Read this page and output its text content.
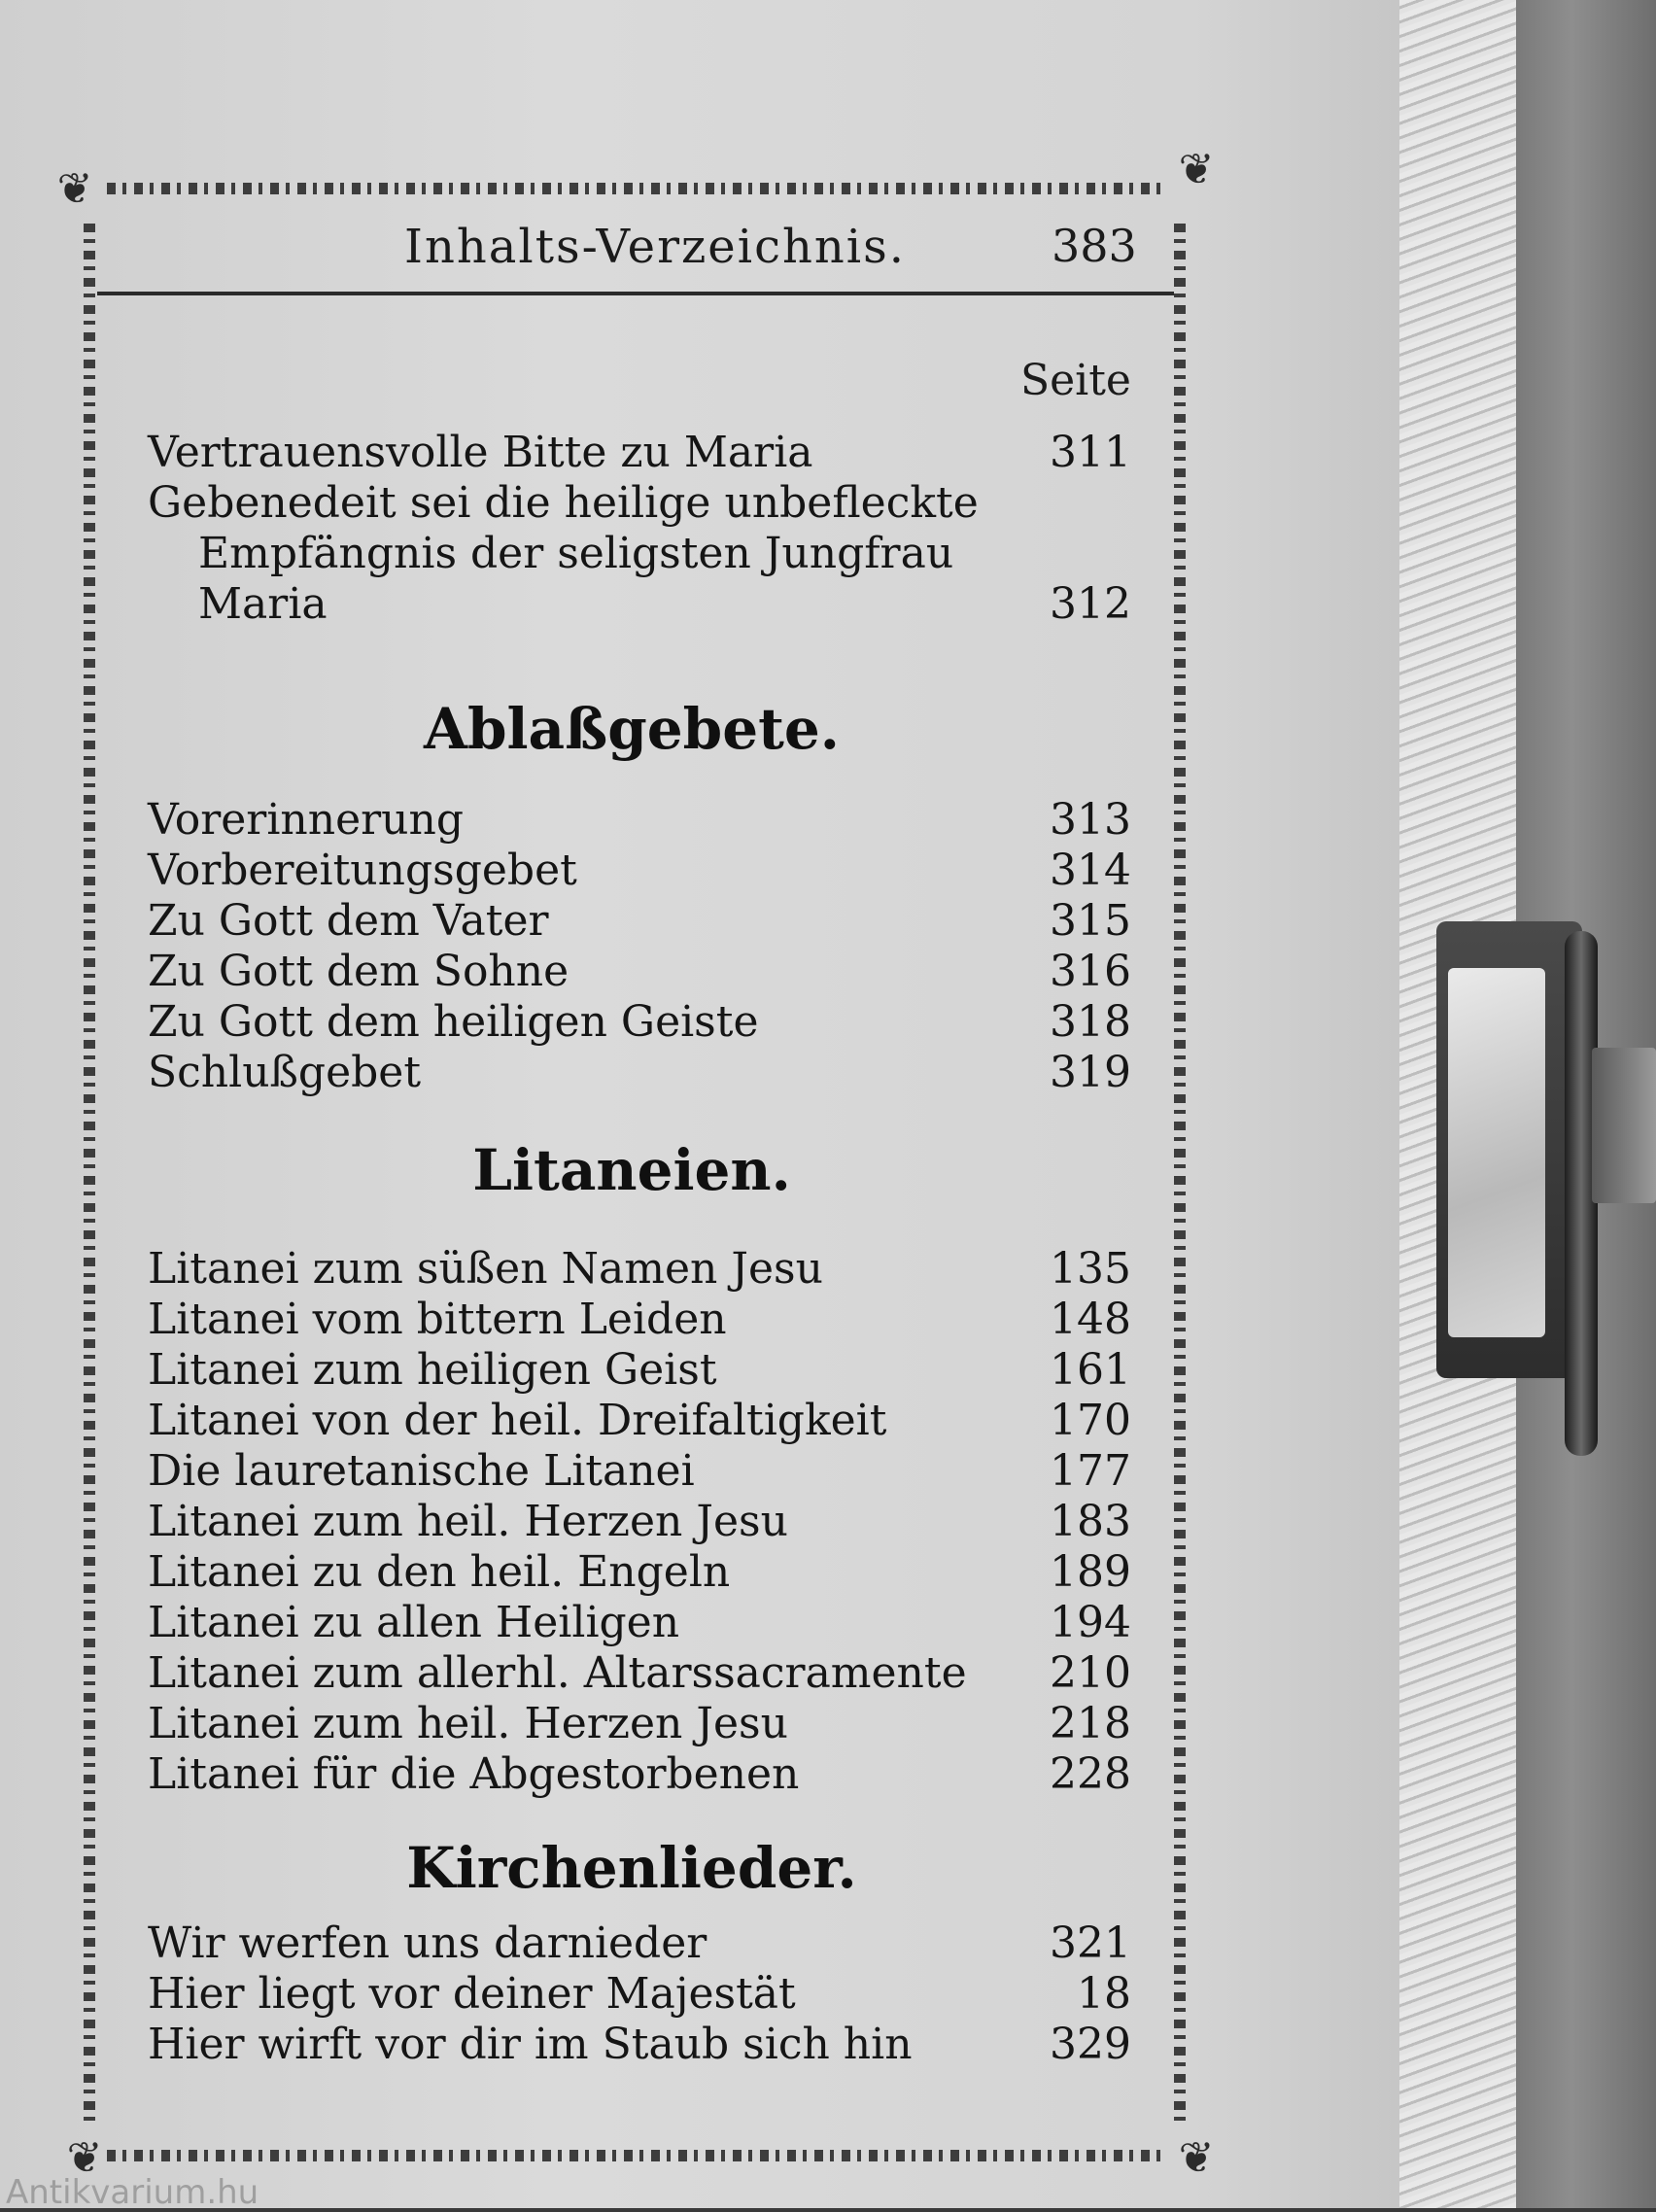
❦	❦
❦	❦
Inhalts-Verzeichnis.	383
Seite
Vertrauensvolle Bitte zu Maria	311
Gebenedeit sei die heilige unbefleckte
Empfängnis der seligsten Jungfrau
Maria	312
Ablaßgebete.
Litaneien.
Kirchenlieder.
Vorerinnerung	313
Vorbereitungsgebet	314
Zu Gott dem Vater	315
Zu Gott dem Sohne	316
Zu Gott dem heiligen Geiste	318
Schlußgebet	319
Litanei zum süßen Namen Jesu	135
Litanei vom bittern Leiden	148
Litanei zum heiligen Geist	161
Litanei von der heil. Dreifaltigkeit	170
Die lauretanische Litanei	177
Litanei zum heil. Herzen Jesu	183
Litanei zu den heil. Engeln	189
Litanei zu allen Heiligen	194
Litanei zum allerhl. Altarssacramente 210
Litanei zum heil. Herzen Jesu	218
Litanei für die Abgestorbenen	228
Wir werfen uns darnieder	321
Hier liegt vor deiner Majestät	18
Hier wirft vor dir im Staub sich hin	329
Antikvarium.hu
